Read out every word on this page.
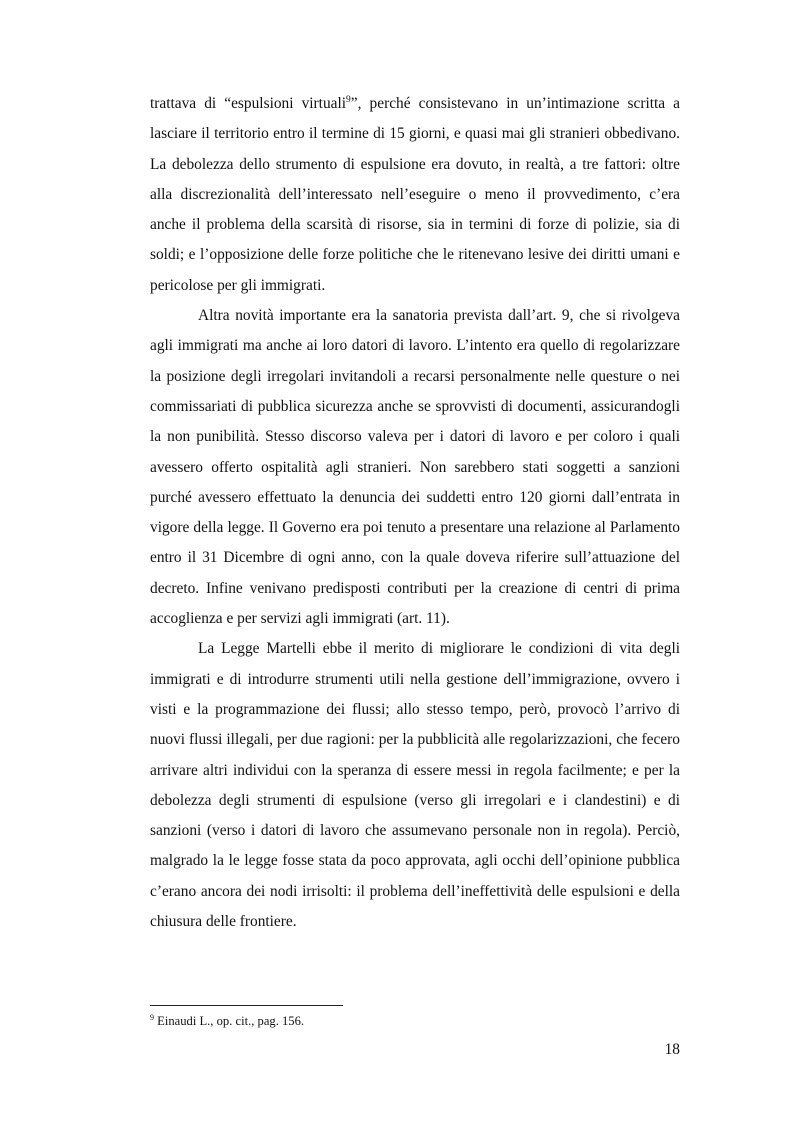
trattava di “espulsioni virtuali$^9$”, perché consistevano in un’intimazione scritta a lasciare il territorio entro il termine di 15 giorni, e quasi mai gli stranieri obbedivano. La debolezza dello strumento di espulsione era dovuto, in realtà, a tre fattori: oltre alla discrezionalità dell’interessato nell’eseguire o meno il provvedimento, c’era anche il problema della scarsità di risorse, sia in termini di forze di polizie, sia di soldi; e l’opposizione delle forze politiche che le ritenevano lesive dei diritti umani e pericolose per gli immigrati.

Altra novità importante era la sanatoria prevista dall’art. 9, che si rivolgeva agli immigrati ma anche ai loro datori di lavoro. L’intento era quello di regolarizzare la posizione degli irregolari invitandoli a recarsi personalmente nelle questure o nei commissariati di pubblica sicurezza anche se sprovvisti di documenti, assicurandogli la non punibilità. Stesso discorso valeva per i datori di lavoro e per coloro i quali avessero offerto ospitalità agli stranieri. Non sarebbero stati soggetti a sanzioni purché avessero effettuato la denuncia dei suddetti entro 120 giorni dall’entrata in vigore della legge. Il Governo era poi tenuto a presentare una relazione al Parlamento entro il 31 Dicembre di ogni anno, con la quale doveva riferire sull’attuazione del decreto. Infine venivano predisposti contributi per la creazione di centri di prima accoglienza e per servizi agli immigrati (art. 11).

La Legge Martelli ebbe il merito di migliorare le condizioni di vita degli immigrati e di introdurre strumenti utili nella gestione dell’immigrazione, ovvero i visti e la programmazione dei flussi; allo stesso tempo, però, provocò l’arrivo di nuovi flussi illegali, per due ragioni: per la pubblicità alle regolarizzazioni, che fecero arrivare altri individui con la speranza di essere messi in regola facilmente; e per la debolezza degli strumenti di espulsione (verso gli irregolari e i clandestini) e di sanzioni (verso i datori di lavoro che assumevano personale non in regola). Perciò, malgrado la le legge fosse stata da poco approvata, agli occhi dell’opinione pubblica c’erano ancora dei nodi irrisolti: il problema dell’ineffettività delle espulsioni e della chiusura delle frontiere.

$^9$ Einaudi L., op. cit., pag. 156.
18
